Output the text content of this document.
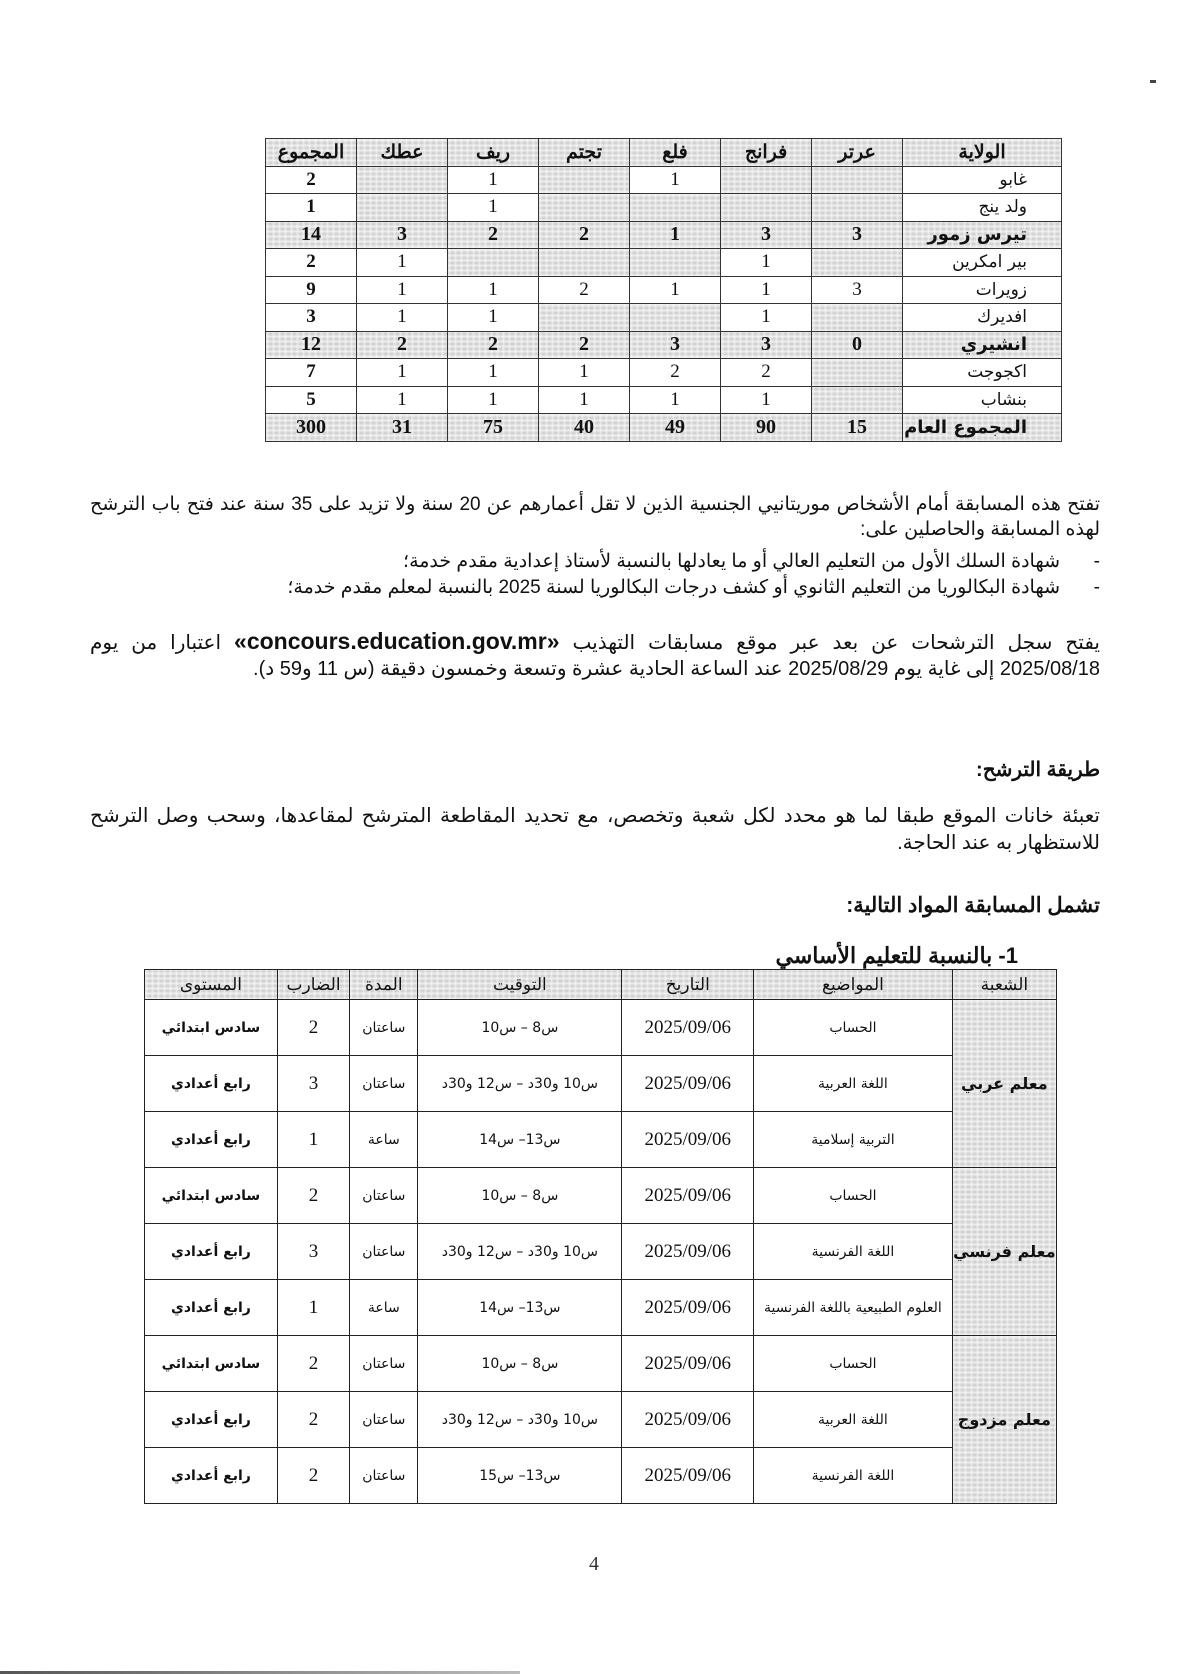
الولاية	عرتر	فرانج	فلع	تجتم	ريف	عطك	المجموع
غابو			1		1		2
ولد ينج					1		1
تيرس زمور	3	3	1	2	2	3	14
بير امكرين		1				1	2
زويرات	3	1	1	2	1	1	9
افديرك		1			1	1	3
انشيري	0	3	3	2	2	2	12
اكجوجت		2	2	1	1	1	7
بنشاب		1	1	1	1	1	5
المجموع العام	15	90	49	40	75	31	300
تفتح هذه المسابقة أمام الأشخاص موريتانيي الجنسية الذين لا تقل أعمارهم عن 20 سنة ولا تزيد على 35 سنة عند فتح باب الترشح لهذه المسابقة والحاصلين على:
- شهادة السلك الأول من التعليم العالي أو ما يعادلها بالنسبة لأستاذ إعدادية مقدم خدمة؛
- شهادة البكالوريا من التعليم الثانوي أو كشف درجات البكالوريا لسنة 2025 بالنسبة لمعلم مقدم خدمة؛
يفتح سجل الترشحات عن بعد عبر موقع مسابقات التهذيب «concours.education.gov.mr» اعتبارا من يوم 2025/08/18 إلى غاية يوم 2025/08/29 عند الساعة الحادية عشرة وتسعة وخمسون دقيقة (س 11 و59 د).
طريقة الترشح:
تعبئة خانات الموقع طبقا لما هو محدد لكل شعبة وتخصص، مع تحديد المقاطعة المترشح لمقاعدها، وسحب وصل الترشح للاستظهار به عند الحاجة.
تشمل المسابقة المواد التالية:
1- بالنسبة للتعليم الأساسي
الشعبة	المواضيع	التاريخ	التوقيت	المدة	الضارب	المستوى
معلم عربي	الحساب	2025/09/06	س8 – س10	ساعتان	2	سادس ابتدائي
	اللغة العربية	2025/09/06	س10 و30د – س12 و30د	ساعتان	3	رابع أعدادي
	التربية إسلامية	2025/09/06	س13– س14	ساعة	1	رابع أعدادي
معلم فرنسي	الحساب	2025/09/06	س8 – س10	ساعتان	2	سادس ابتدائي
	اللغة الفرنسية	2025/09/06	س10 و30د – س12 و30د	ساعتان	3	رابع أعدادي
	العلوم الطبيعية باللغة الفرنسية	2025/09/06	س13– س14	ساعة	1	رابع أعدادي
معلم مزدوج	الحساب	2025/09/06	س8 – س10	ساعتان	2	سادس ابتدائي
	اللغة العربية	2025/09/06	س10 و30د – س12 و30د	ساعتان	2	رابع أعدادي
	اللغة الفرنسية	2025/09/06	س13– س15	ساعتان	2	رابع أعدادي
4
